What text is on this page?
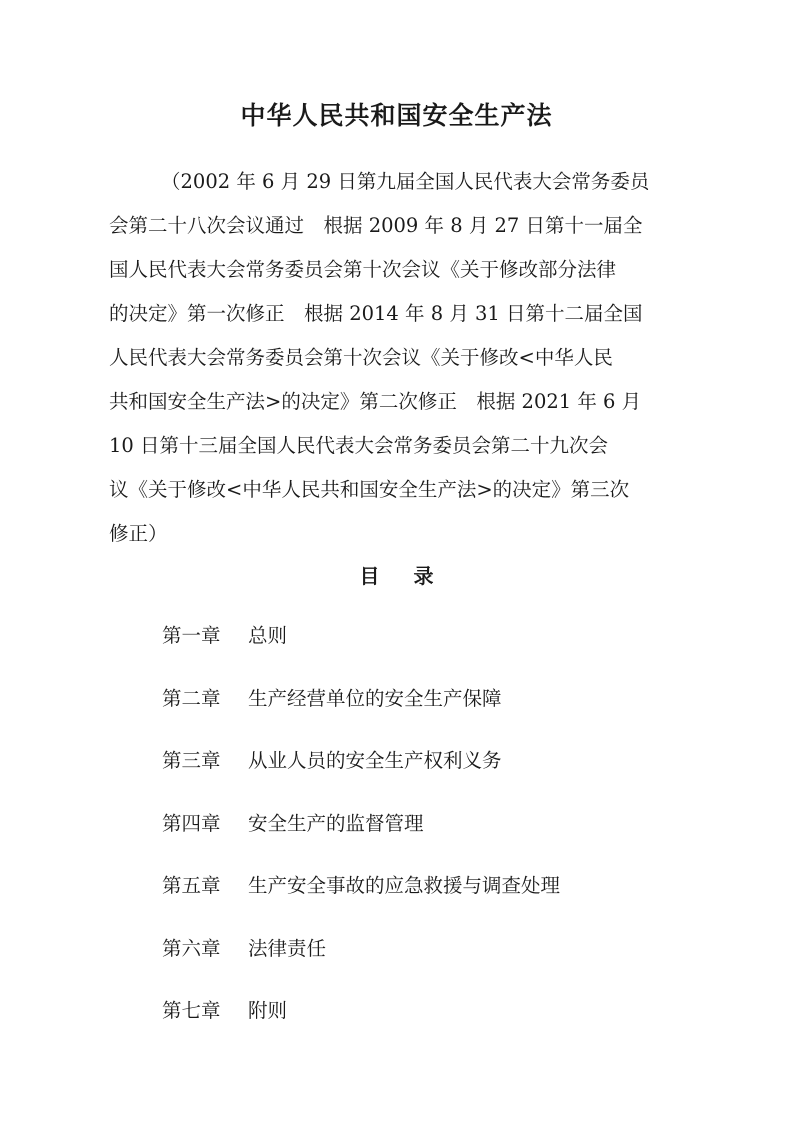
中华人民共和国安全生产法
（2002 年 6 月 29 日第九届全国人民代表大会常务委员
会第二十八次会议通过　根据 2009 年 8 月 27 日第十一届全
国人民代表大会常务委员会第十次会议《关于修改部分法律
的决定》第一次修正　根据 2014 年 8 月 31 日第十二届全国
人民代表大会常务委员会第十次会议《关于修改<中华人民
共和国安全生产法>的决定》第二次修正　根据 2021 年 6 月
10 日第十三届全国人民代表大会常务委员会第二十九次会
议《关于修改<中华人民共和国安全生产法>的决定》第三次
修正）
目 录
第一章 总则
第二章 生产经营单位的安全生产保障
第三章 从业人员的安全生产权利义务
第四章 安全生产的监督管理
第五章 生产安全事故的应急救援与调查处理
第六章 法律责任
第七章 附则
